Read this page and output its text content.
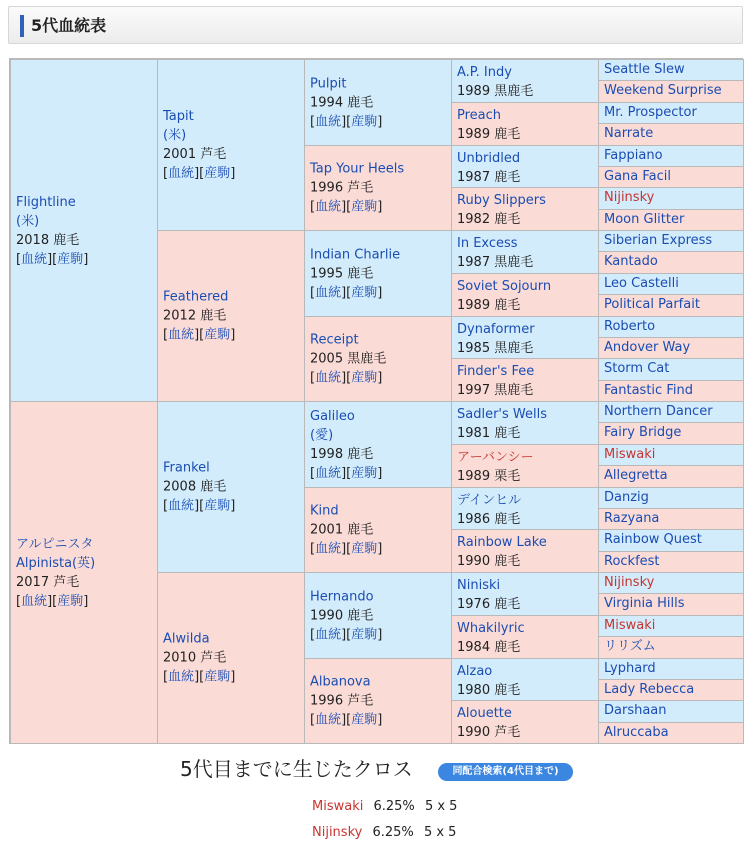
5代血統表
Flightline
(米)
2018 鹿毛
[血統][産駒]
アルピニスタ
Alpinista(英)
2017 芦毛
[血統][産駒]
Tapit
(米)
2001 芦毛
[血統][産駒]
Feathered
2012 鹿毛
[血統][産駒]
Frankel
2008 鹿毛
[血統][産駒]
Alwilda
2010 芦毛
[血統][産駒]
Pulpit
1994 鹿毛
[血統][産駒]
Tap Your Heels
1996 芦毛
[血統][産駒]
Indian Charlie
1995 鹿毛
[血統][産駒]
Receipt
2005 黒鹿毛
[血統][産駒]
Galileo
(愛)
1998 鹿毛
[血統][産駒]
Kind
2001 鹿毛
[血統][産駒]
Hernando
1990 鹿毛
[血統][産駒]
Albanova
1996 芦毛
[血統][産駒]
A.P. Indy
1989 黒鹿毛
Preach
1989 鹿毛
Unbridled
1987 鹿毛
Ruby Slippers
1982 鹿毛
In Excess
1987 黒鹿毛
Soviet Sojourn
1989 鹿毛
Dynaformer
1985 黒鹿毛
Finder's Fee
1997 黒鹿毛
Sadler's Wells
1981 鹿毛
アーバンシー
1989 栗毛
デインヒル
1986 鹿毛
Rainbow Lake
1990 鹿毛
Niniski
1976 鹿毛
Whakilyric
1984 鹿毛
Alzao
1980 鹿毛
Alouette
1990 芦毛
Seattle Slew
Weekend Surprise
Mr. Prospector
Narrate
Fappiano
Gana Facil
Nijinsky
Moon Glitter
Siberian Express
Kantado
Leo Castelli
Political Parfait
Roberto
Andover Way
Storm Cat
Fantastic Find
Northern Dancer
Fairy Bridge
Miswaki
Allegretta
Danzig
Razyana
Rainbow Quest
Rockfest
Nijinsky
Virginia Hills
Miswaki
リリズム
Lyphard
Lady Rebecca
Darshaan
Alruccaba
5代目までに生じたクロス	同配合検索(4代目まで)
Miswaki 6.25% 5 x 5
Nijinsky 6.25% 5 x 5
